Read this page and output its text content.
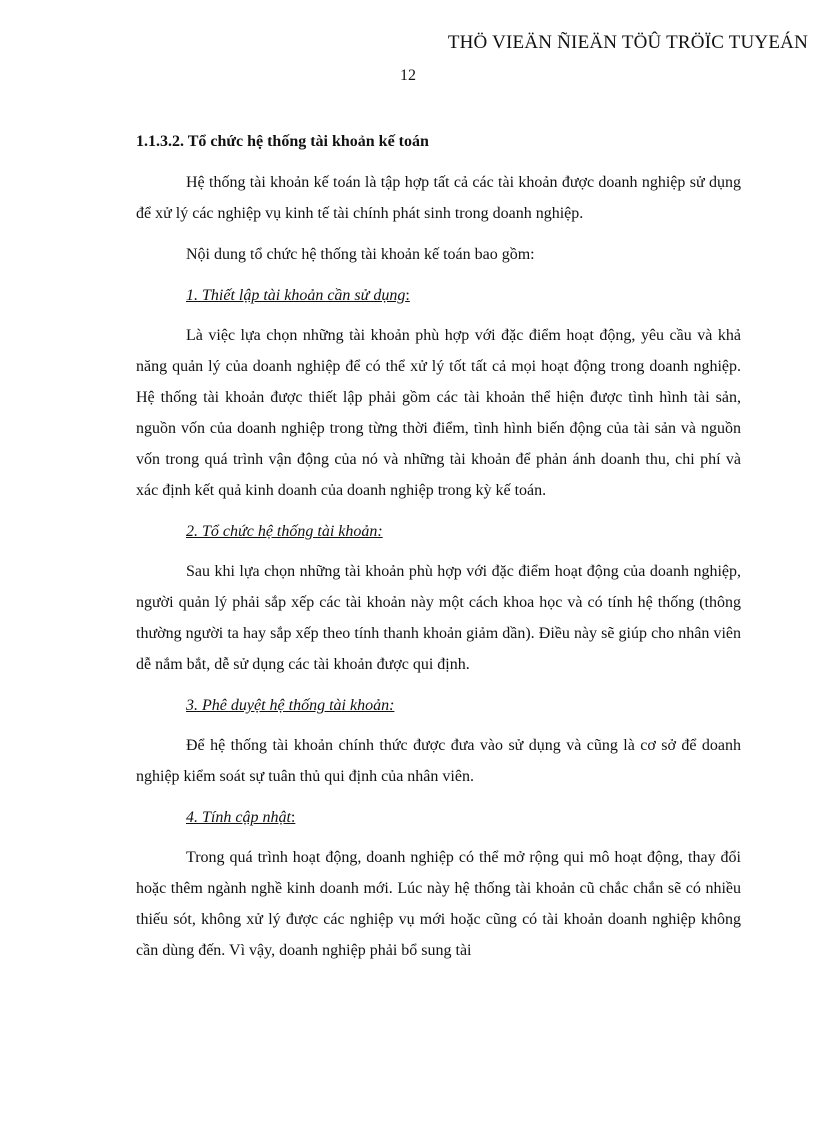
THÖ VIEÄN ÑIEÄN TÖÛ TRÖÏC TUYEÁN
12
1.1.3.2. Tổ chức hệ thống tài khoản kế toán

Hệ thống tài khoản kế toán là tập hợp tất cả các tài khoản được doanh nghiệp sử dụng để xử lý các nghiệp vụ kinh tế tài chính phát sinh trong doanh nghiệp.

Nội dung tổ chức hệ thống tài khoản kế toán bao gồm:

1. Thiết lập tài khoản cần sử dụng:

Là việc lựa chọn những tài khoản phù hợp với đặc điểm hoạt động, yêu cầu và khả năng quản lý của doanh nghiệp để có thể xử lý tốt tất cả mọi hoạt động trong doanh nghiệp. Hệ thống tài khoản được thiết lập phải gồm các tài khoản thể hiện được tình hình tài sản, nguồn vốn của doanh nghiệp trong từng thời điểm, tình hình biến động của tài sản và nguồn vốn trong quá trình vận động của nó và những tài khoản để phản ánh doanh thu, chi phí và xác định kết quả kinh doanh của doanh nghiệp trong kỳ kế toán.

2. Tổ chức hệ thống tài khoản:

Sau khi lựa chọn những tài khoản phù hợp với đặc điểm hoạt động của doanh nghiệp, người quản lý phải sắp xếp các tài khoản này một cách khoa học và có tính hệ thống (thông thường người ta hay sắp xếp theo tính thanh khoản giảm dần). Điều này sẽ giúp cho nhân viên dễ nắm bắt, dễ sử dụng các tài khoản được qui định.

3. Phê duyệt hệ thống tài khoản:

Để hệ thống tài khoản chính thức được đưa vào sử dụng và cũng là cơ sở để doanh nghiệp kiểm soát sự tuân thủ qui định của nhân viên.

4. Tính cập nhật:

Trong quá trình hoạt động, doanh nghiệp có thể mở rộng qui mô hoạt động, thay đổi hoặc thêm ngành nghề kinh doanh mới. Lúc này hệ thống tài khoản cũ chắc chắn sẽ có nhiều thiếu sót, không xử lý được các nghiệp vụ mới hoặc cũng có tài khoản doanh nghiệp không cần dùng đến. Vì vậy, doanh nghiệp phải bổ sung tài
